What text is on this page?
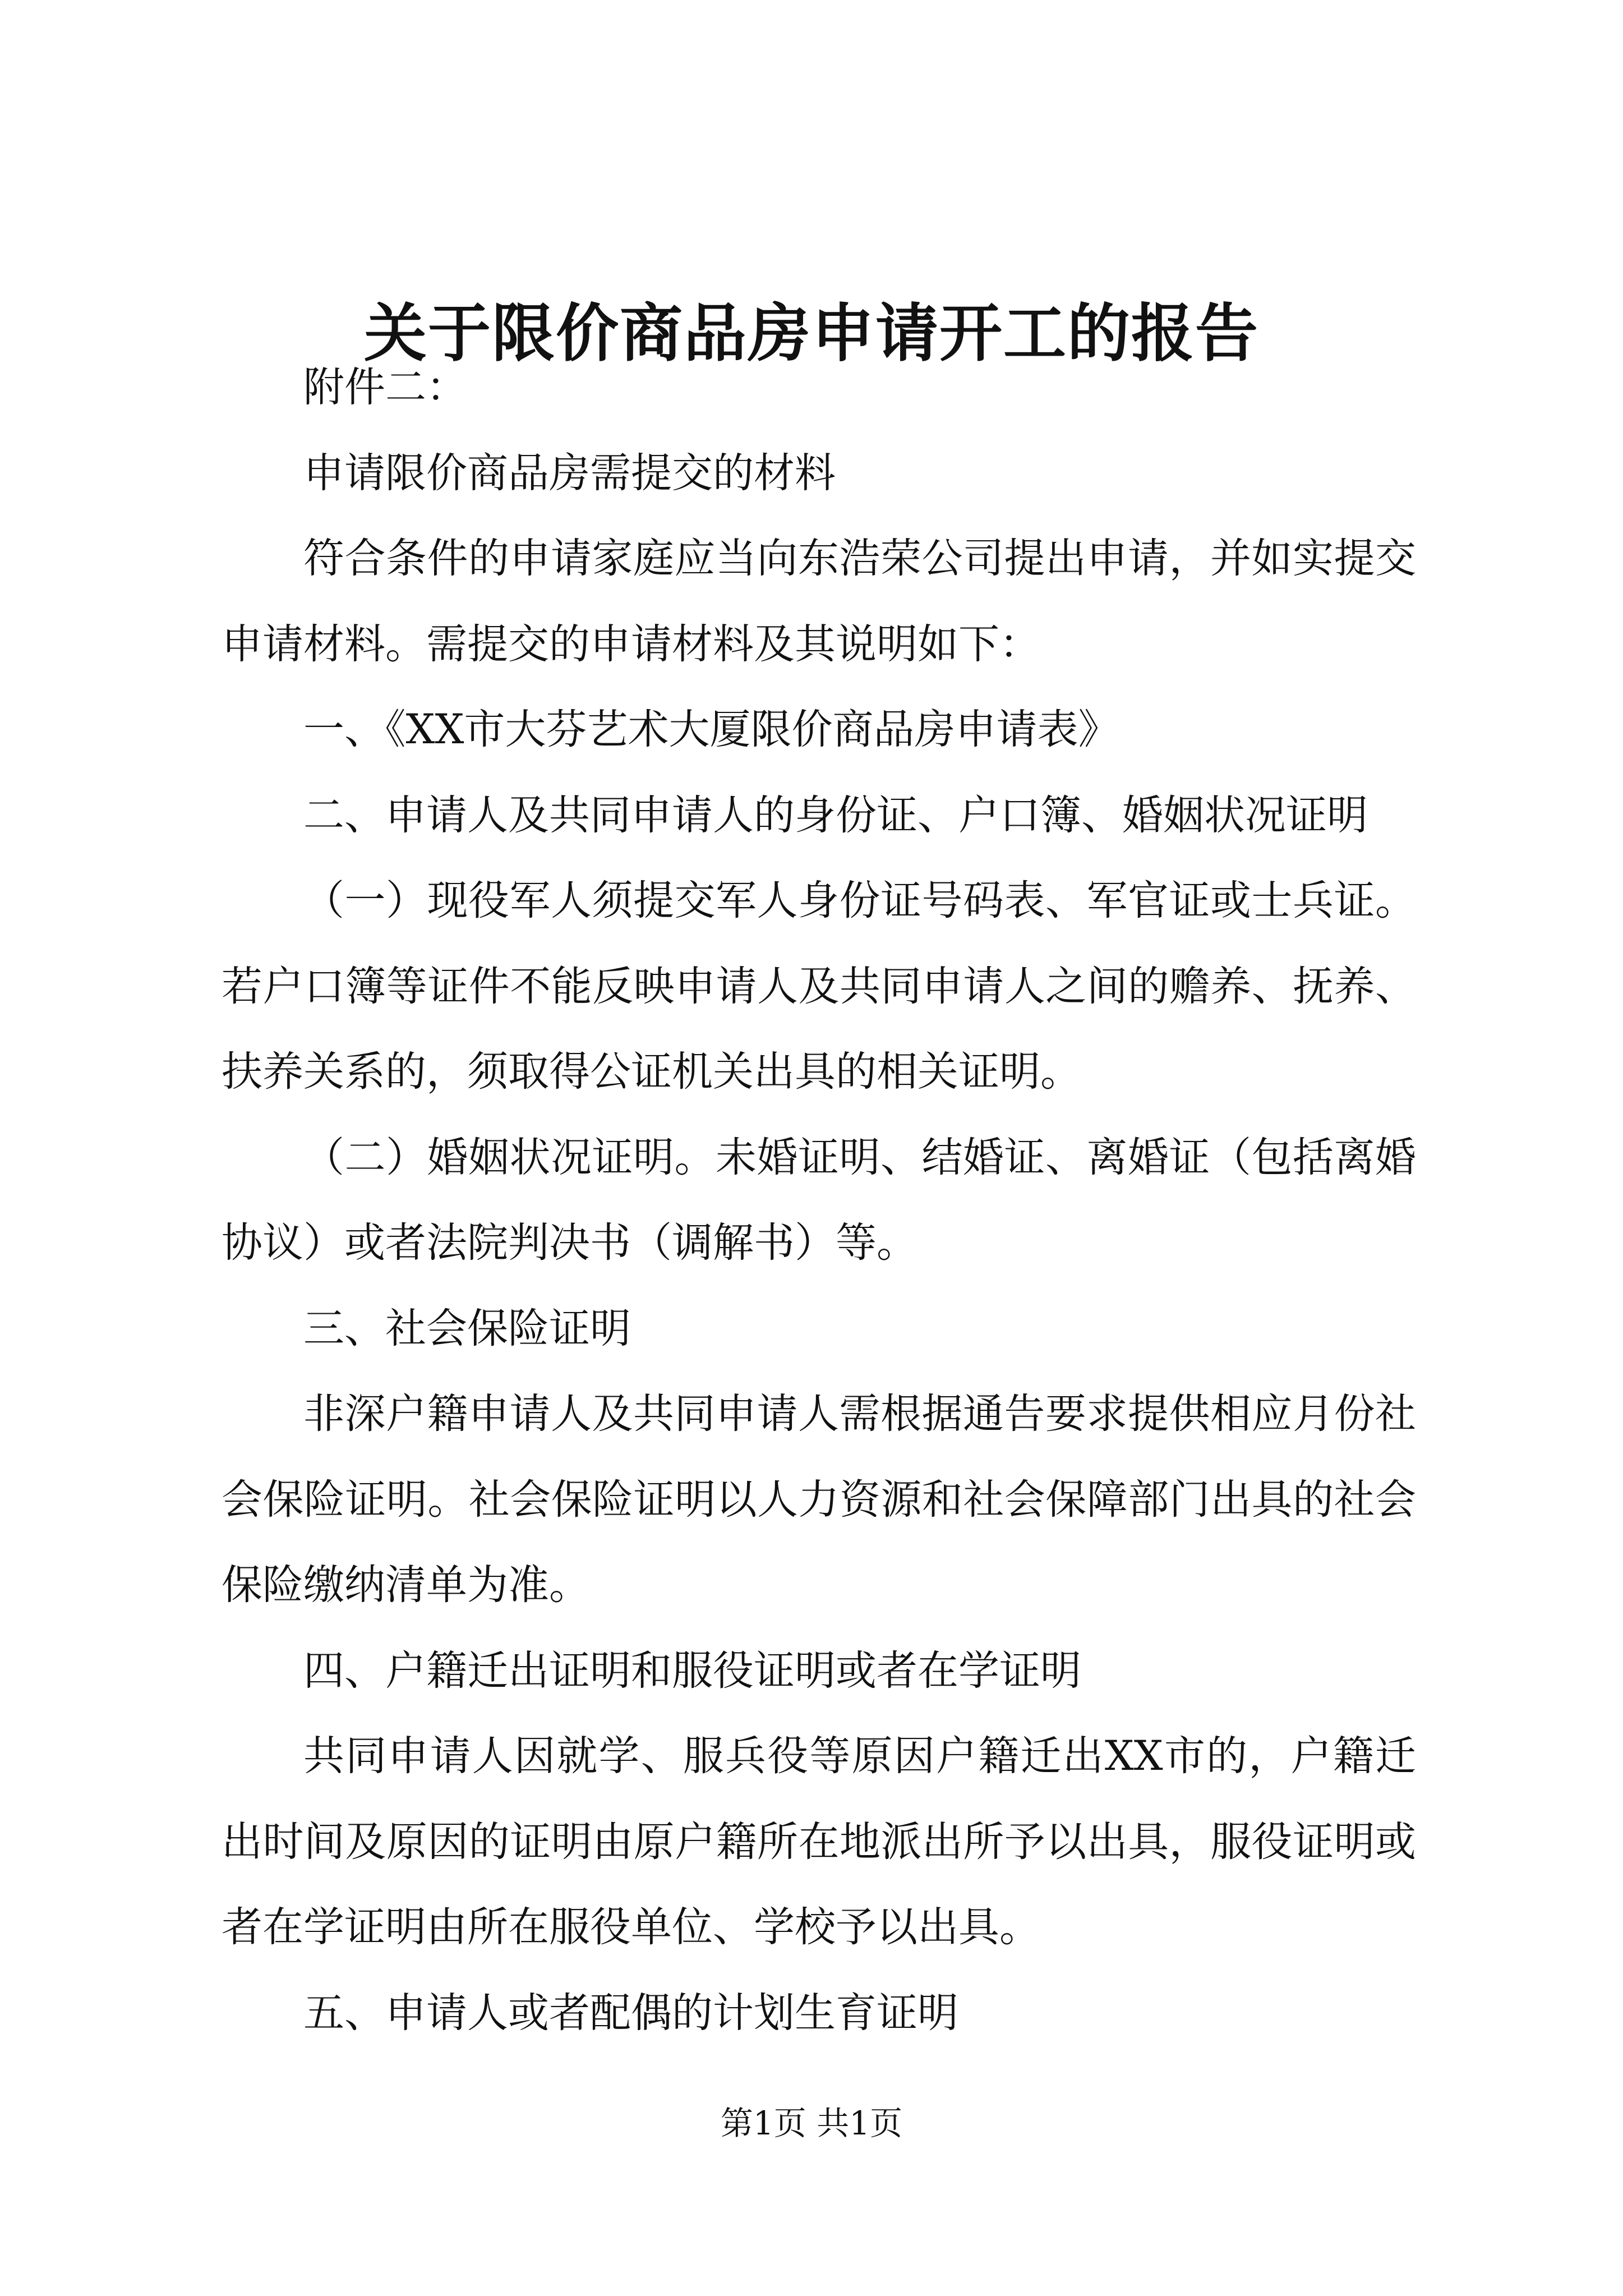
关于限价商品房申请开工的报告

附件二：

申请限价商品房需提交的材料

符合条件的申请家庭应当向东浩荣公司提出申请，并如实提交申请材料。需提交的申请材料及其说明如下：

一、《XX市大芬艺术大厦限价商品房申请表》

二、申请人及共同申请人的身份证、户口簿、婚姻状况证明

（一）现役军人须提交军人身份证号码表、军官证或士兵证。若户口簿等证件不能反映申请人及共同申请人之间的赡养、抚养、扶养关系的，须取得公证机关出具的相关证明。

（二）婚姻状况证明。未婚证明、结婚证、离婚证（包括离婚协议）或者法院判决书（调解书）等。

三、社会保险证明

非深户籍申请人及共同申请人需根据通告要求提供相应月份社会保险证明。社会保险证明以人力资源和社会保障部门出具的社会保险缴纳清单为准。

四、户籍迁出证明和服役证明或者在学证明

共同申请人因就学、服兵役等原因户籍迁出XX市的，户籍迁出时间及原因的证明由原户籍所在地派出所予以出具，服役证明或者在学证明由所在服役单位、学校予以出具。

五、申请人或者配偶的计划生育证明

第1页 共1页
